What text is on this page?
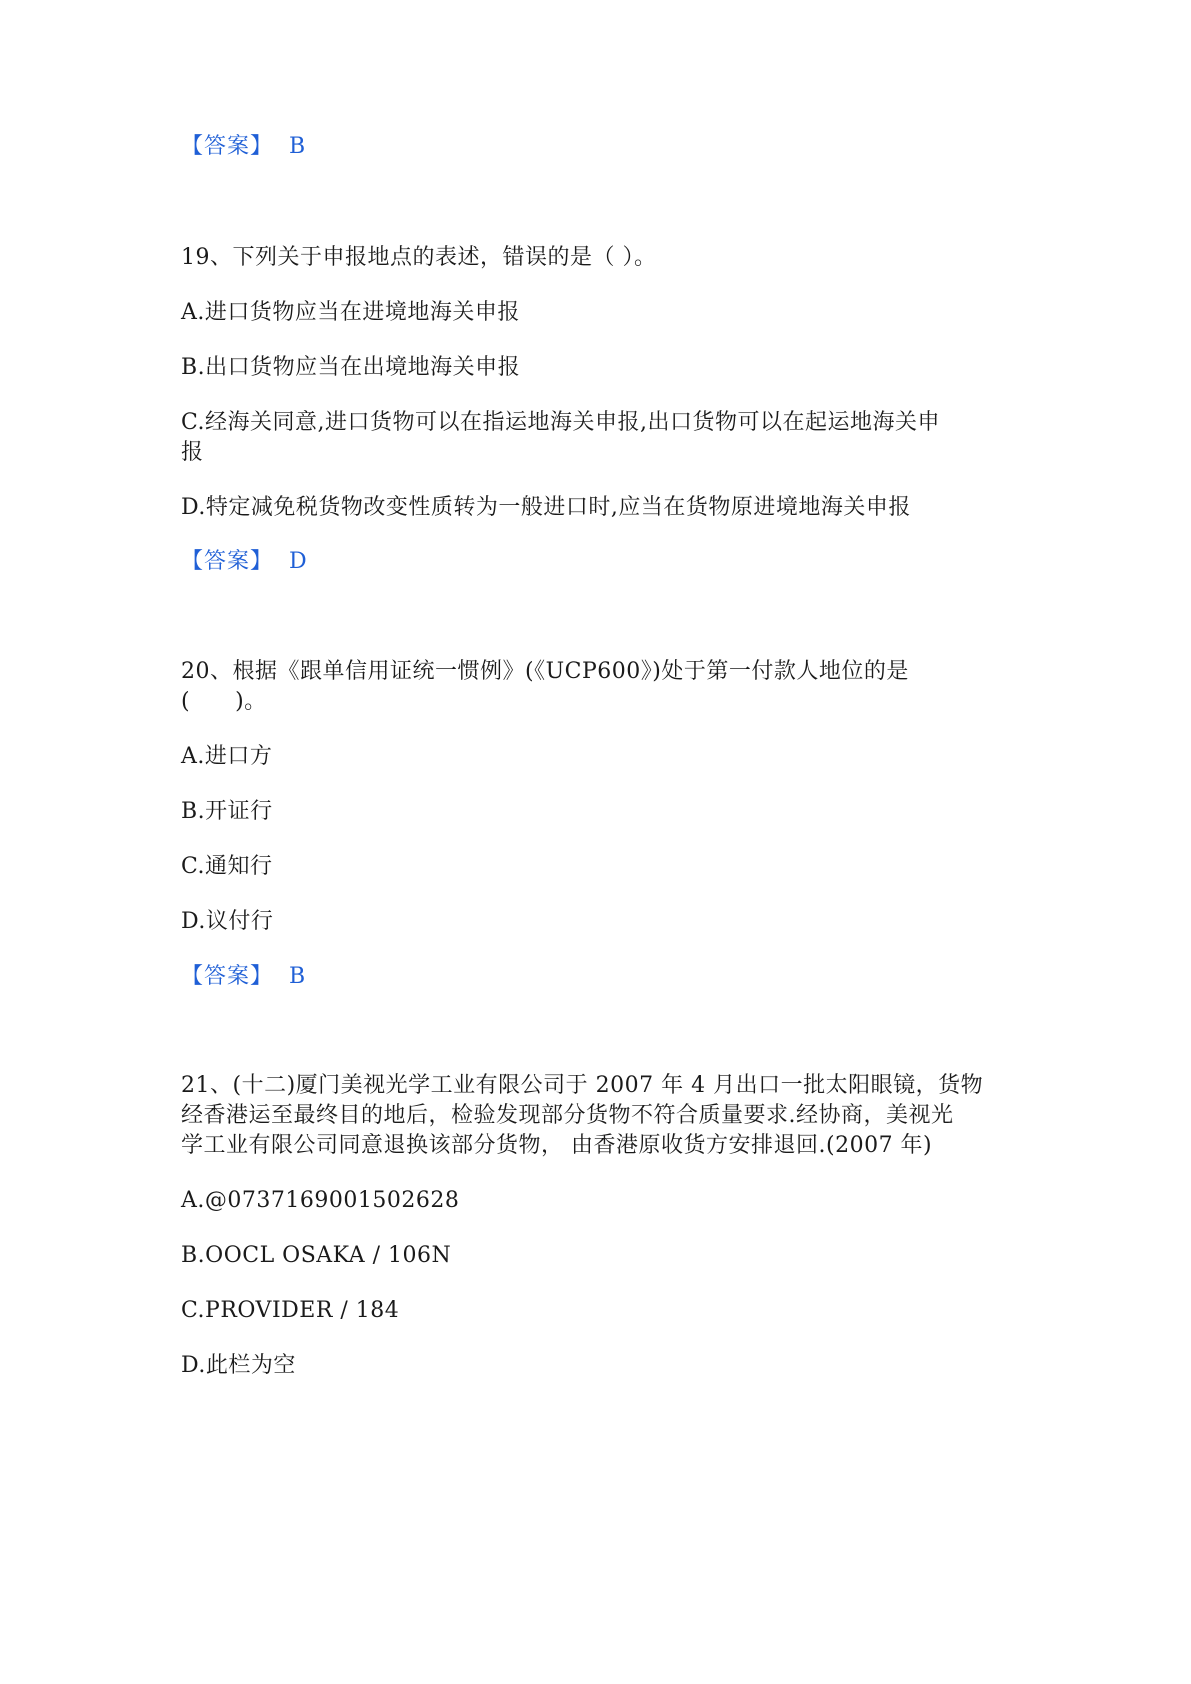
【答案】 B
19、下列关于申报地点的表述，错误的是（ ）。
A.进口货物应当在进境地海关申报
B.出口货物应当在出境地海关申报
C.经海关同意,进口货物可以在指运地海关申报,出口货物可以在起运地海关申
报
D.特定减免税货物改变性质转为一般进口时,应当在货物原进境地海关申报
【答案】 D
20、根据《跟单信用证统一惯例》(《UCP600》)处于第一付款人地位的是
(　　)。
A.进口方
B.开证行
C.通知行
D.议付行
【答案】 B
21、(十二)厦门美视光学工业有限公司于 2007 年 4 月出口一批太阳眼镜，货物
经香港运至最终目的地后，检验发现部分货物不符合质量要求.经协商，美视光
学工业有限公司同意退换该部分货物， 由香港原收货方安排退回.(2007 年)
A.@0737169001502628
B.OOCL OSAKA / 106N
C.PROVIDER / 184
D.此栏为空
